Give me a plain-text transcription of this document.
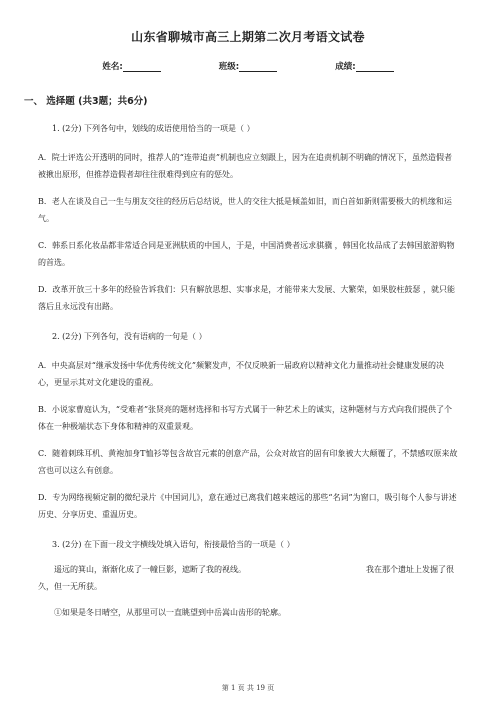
山东省聊城市高三上期第二次月考语文试卷
姓名:	班级:	成绩:
一、 选择题 (共3题；共6分)
1. (2分) 下列各句中，划线的成语使用恰当的一项是（ ）
A．院士评选公开透明的同时，推荐人的“连带追责”机制也应立刻跟上，因为在追责机制不明确的情况下，虽然造假者被揪出原形，但推荐造假者却往往很难得到应有的惩处。
B．老人在谈及自己一生与朋友交往的经历后总结说，世人的交往大抵是倾盖如旧，而白首如新则需要极大的机缘和运气。
C．韩系日系化妆品都非常适合同是亚洲肤质的中国人，于是，中国消费者远求骐骥 ，韩国化妆品成了去韩国旅游购物的首选。
D．改革开放三十多年的经验告诉我们：只有解放思想、实事求是，才能带来大发展、大繁荣，如果胶柱鼓瑟 ，就只能落后且永远没有出路。
2. (2分) 下列各句，没有语病的一句是（ ）
A．中央高层对“继承发扬中华优秀传统文化”频繁发声，不仅反映新一届政府以精神文化力量推动社会健康发展的决心，更显示其对文化建设的重视。
B．小说家曹庭认为，“受难者”张贤亮的题材选择和书写方式属于一种艺术上的诚实，这种题材与方式向我们提供了个体在一种极端状态下身体和精神的双重景观。
C．随着刺珠耳机、黄袍加身T恤衫等包含故宫元素的创意产品，公众对故宫的固有印象被大大颠覆了，不禁感叹原来故宫也可以这么有创意。
D．专为网络视频定制的微纪录片《中国词儿》，意在通过已离我们越来越远的那些“名词”为窗口，吸引每个人参与讲述历史、分享历史、重温历史。
3. (2分) 在下面一段文字横线处填入语句，衔接最恰当的一项是（ ）
遥远的箕山，渐渐化成了一幢巨影，遮断了我的视线。	我在那个遗址上发掘了很久，但一无所获。
①如果是冬日晴空，从那里可以一直眺望到中岳嵩山齿形的轮廓。
第 1 页 共 19 页
